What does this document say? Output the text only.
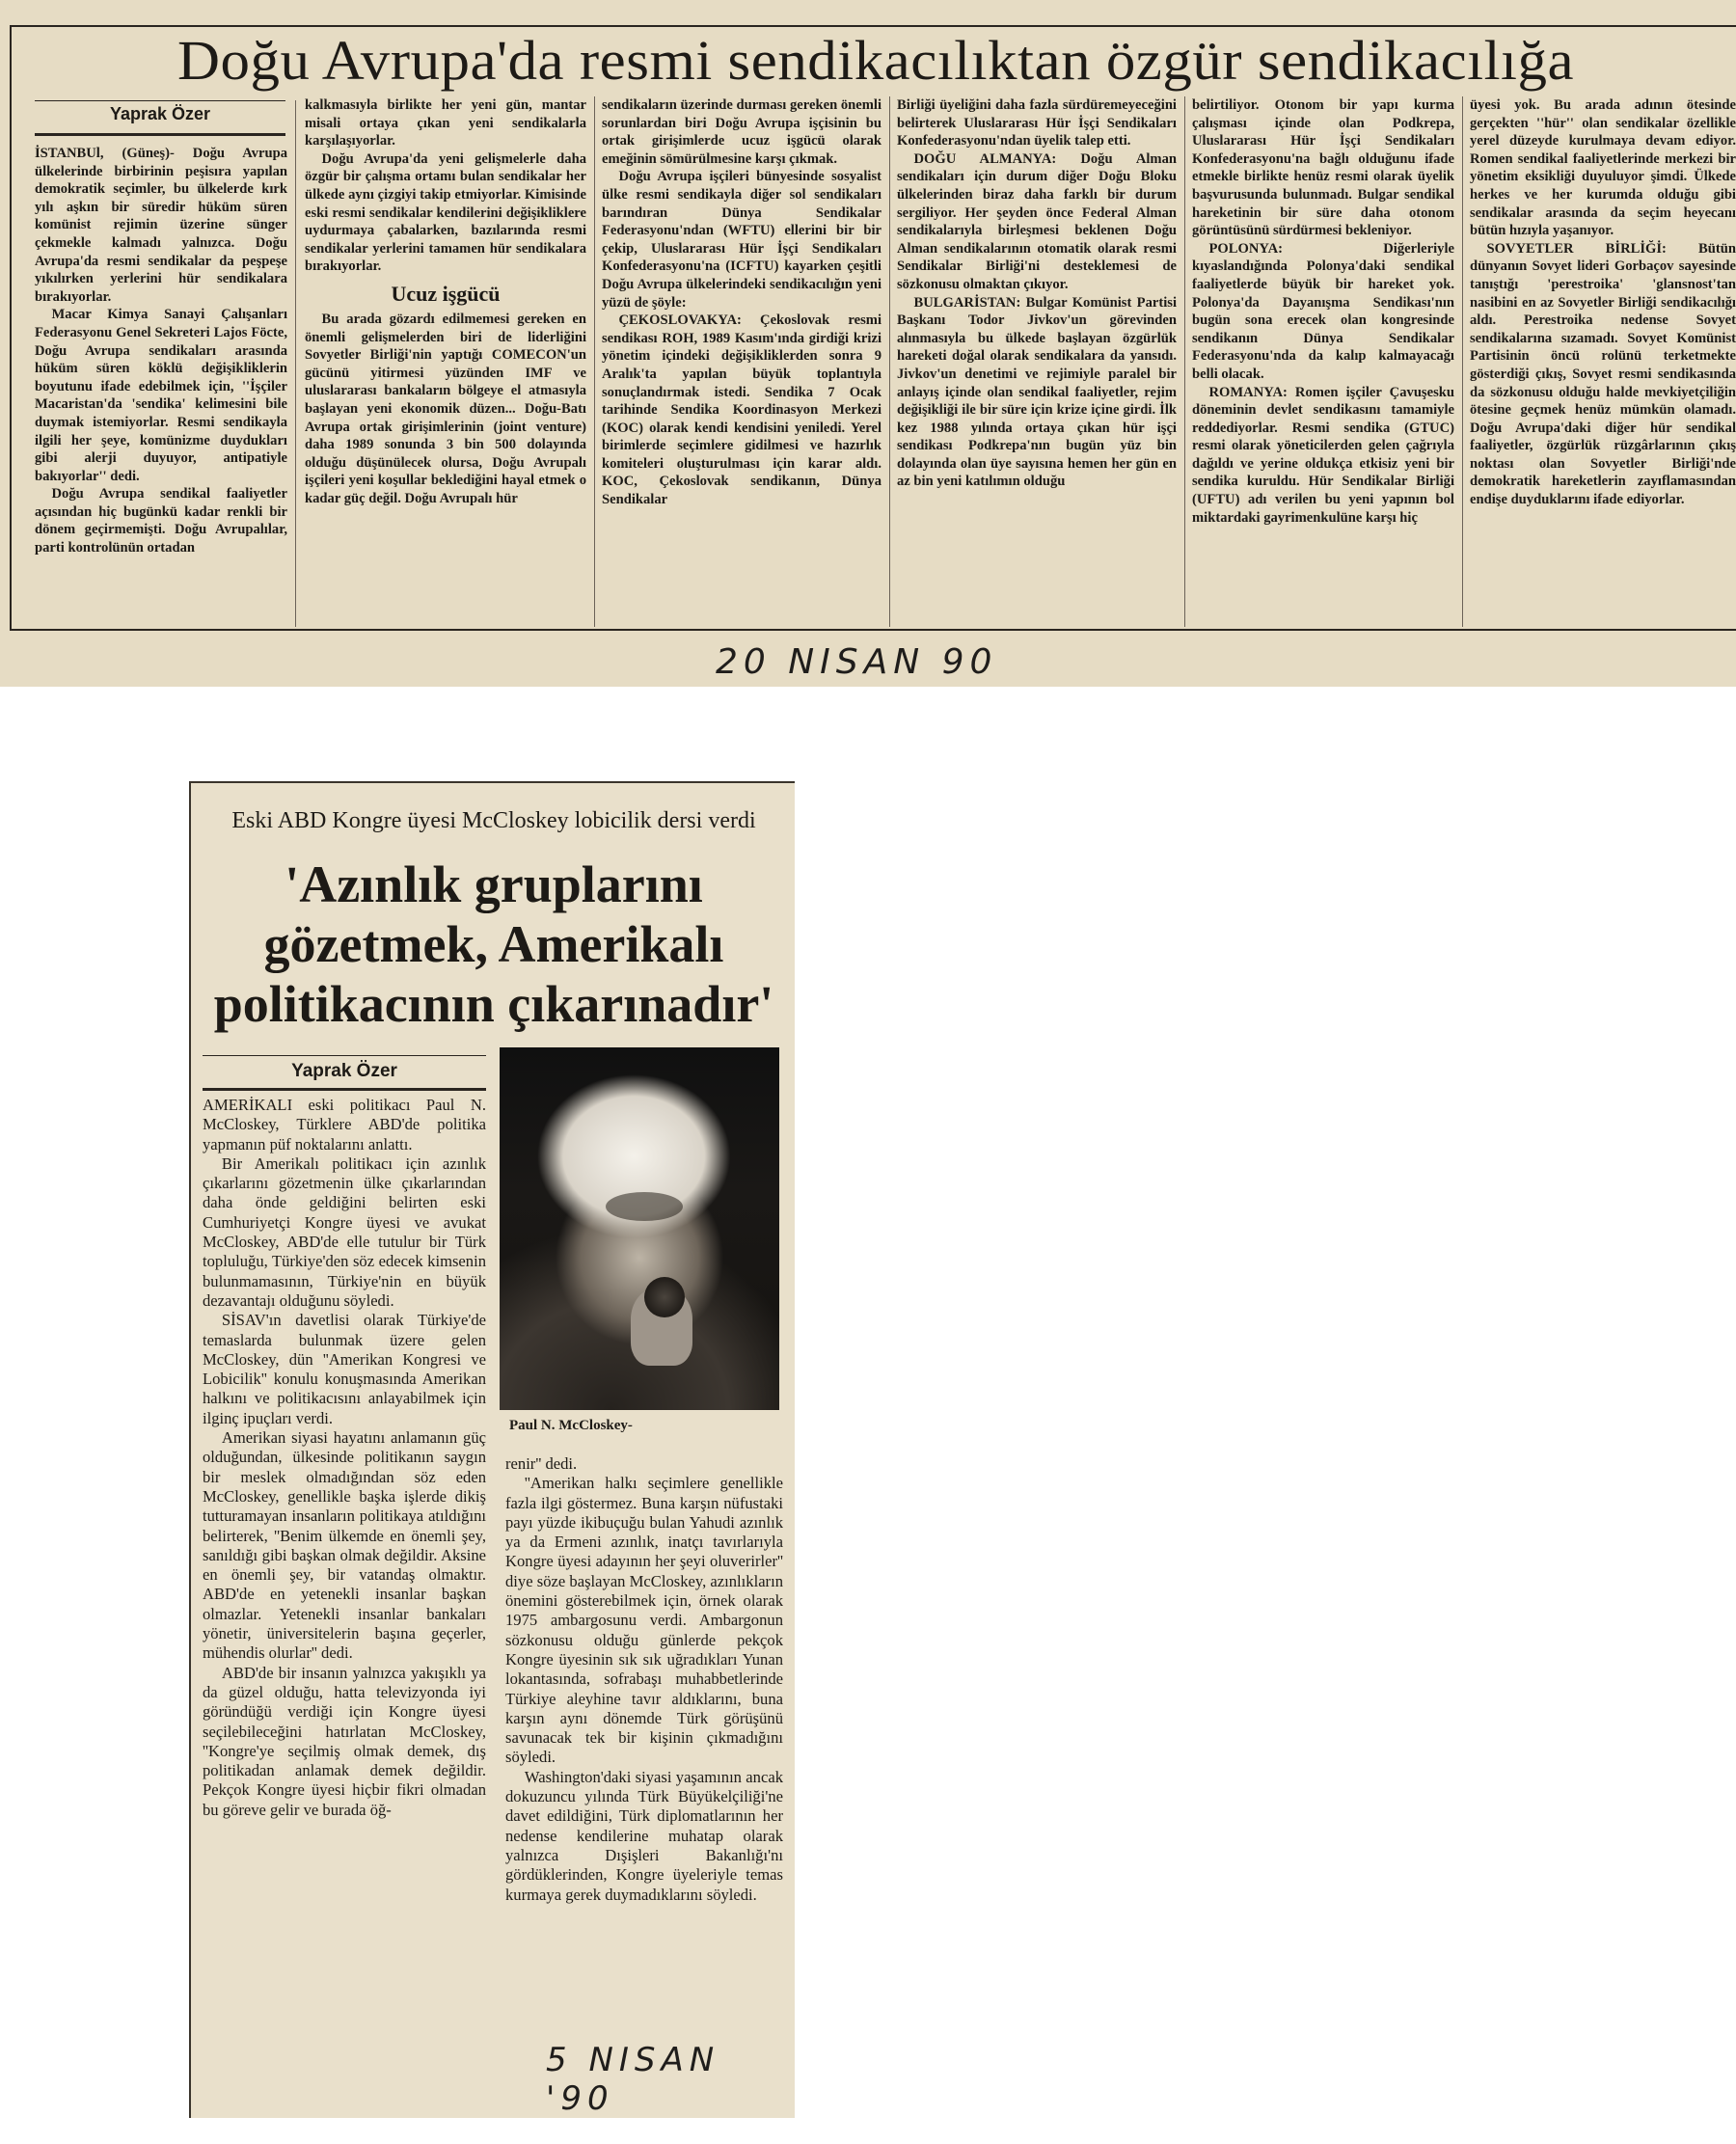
Doğu Avrupa'da resmi sendikacılıktan özgür sendikacılığa
Yaprak Özer

İSTANBUl, (Güneş)- Doğu Avrupa ülkelerinde birbirinin peşisıra yapılan demokratik seçimler, bu ülkelerde kırk yılı aşkın bir süredir hüküm süren komünist rejimin üzerine sünger çekmekle kalmadı yalnızca. Doğu Avrupa'da resmi sendikalar da peşpeşe yıkılırken yerlerini hür sendikalara bırakıyorlar.

Macar Kimya Sanayi Çalışanları Federasyonu Genel Sekreteri Lajos Föcte, Doğu Avrupa sendikaları arasında hüküm süren köklü değişikliklerin boyutunu ifade edebilmek için, ''İşçiler Macaristan'da 'sendika' kelimesini bile duymak istemiyorlar. Resmi sendikayla ilgili her şeye, komünizme duydukları gibi alerji duyuyor, antipatiyle bakıyorlar'' dedi.

Doğu Avrupa sendikal faaliyetler açısından hiç bugünkü kadar renkli bir dönem geçirmemişti. Doğu Avrupalılar, parti kontrolünün ortadan

kalkmasıyla birlikte her yeni gün, mantar misali ortaya çıkan yeni sendikalarla karşılaşıyorlar.

Doğu Avrupa'da yeni gelişmelerle daha özgür bir çalışma ortamı bulan sendikalar her ülkede aynı çizgiyi takip etmiyorlar. Kimisinde eski resmi sendikalar kendilerini değişikliklere uydurmaya çabalarken, bazılarında resmi sendikalar yerlerini tamamen hür sendikalara bırakıyorlar.

Ucuz işgücü

Bu arada gözardı edilmemesi gereken en önemli gelişmelerden biri de liderliğini Sovyetler Birliği'nin yaptığı COMECON'un gücünü yitirmesi yüzünden IMF ve uluslararası bankaların bölgeye el atmasıyla başlayan yeni ekonomik düzen... Doğu-Batı Avrupa ortak girişimlerinin (joint venture) daha 1989 sonunda 3 bin 500 dolayında olduğu düşünülecek olursa, Doğu Avrupalı işçileri yeni koşullar beklediğini hayal etmek o kadar güç değil. Doğu Avrupalı hür

sendikaların üzerinde durması gereken önemli sorunlardan biri Doğu Avrupa işçisinin bu ortak girişimlerde ucuz işgücü olarak emeğinin sömürülmesine karşı çıkmak.

Doğu Avrupa işçileri bünyesinde sosyalist ülke resmi sendikayla diğer sol sendikaları barındıran Dünya Sendikalar Federasyonu'ndan (WFTU) ellerini bir bir çekip, Uluslararası Hür İşçi Sendikaları Konfederasyonu'na (ICFTU) kayarken çeşitli Doğu Avrupa ülkelerindeki sendikacılığın yeni yüzü de şöyle:

ÇEKOSLOVAKYA: Çekoslovak resmi sendikası ROH, 1989 Kasım'ında girdiği krizi yönetim içindeki değişikliklerden sonra 9 Aralık'ta yapılan büyük toplantıyla sonuçlandırmak istedi. Sendika 7 Ocak tarihinde Sendika Koordinasyon Merkezi (KOC) olarak kendi kendisini yeniledi. Yerel birimlerde seçimlere gidilmesi ve hazırlık komiteleri oluşturulması için karar aldı. KOC, Çekoslovak sendikanın, Dünya Sendikalar

Birliği üyeliğini daha fazla sürdüremeyeceğini belirterek Uluslararası Hür İşçi Sendikaları Konfederasyonu'ndan üyelik talep etti.

DOĞU ALMANYA: Doğu Alman sendikaları için durum diğer Doğu Bloku ülkelerinden biraz daha farklı bir durum sergiliyor. Her şeyden önce Federal Alman sendikalarıyla birleşmesi beklenen Doğu Alman sendikalarının otomatik olarak resmi Sendikalar Birliği'ni desteklemesi de sözkonusu olmaktan çıkıyor.

BULGARİSTAN: Bulgar Komünist Partisi Başkanı Todor Jivkov'un görevinden alınmasıyla bu ülkede başlayan özgürlük hareketi doğal olarak sendikalara da yansıdı. Jivkov'un denetimi ve rejimiyle paralel bir anlayış içinde olan sendikal faaliyetler, rejim değişikliği ile bir süre için krize içine girdi. İlk kez 1988 yılında ortaya çıkan hür işçi sendikası Podkrepa'nın bugün yüz bin dolayında olan üye sayısına hemen her gün en az bin yeni katılımın olduğu

belirtiliyor. Otonom bir yapı kurma çalışması içinde olan Podkrepa, Uluslararası Hür İşçi Sendikaları Konfederasyonu'na bağlı olduğunu ifade etmekle birlikte henüz resmi olarak üyelik başvurusunda bulunmadı. Bulgar sendikal hareketinin bir süre daha otonom görüntüsünü sürdürmesi bekleniyor.

POLONYA: Diğerleriyle kıyaslandığında Polonya'daki sendikal faaliyetlerde büyük bir hareket yok. Polonya'da Dayanışma Sendikası'nın bugün sona erecek olan kongresinde sendikanın Dünya Sendikalar Federasyonu'nda da kalıp kalmayacağı belli olacak.

ROMANYA: Romen işçiler Çavuşesku döneminin devlet sendikasını tamamiyle reddediyorlar. Resmi sendika (GTUC) resmi olarak yöneticilerden gelen çağrıyla dağıldı ve yerine oldukça etkisiz yeni bir sendika kuruldu. Hür Sendikalar Birliği (UFTU) adı verilen bu yeni yapının bol miktardaki gayrimenkulüne karşı hiç

üyesi yok. Bu arada adının ötesinde gerçekten ''hür'' olan sendikalar özellikle yerel düzeyde kurulmaya devam ediyor. Romen sendikal faaliyetlerinde merkezi bir yönetim eksikliği duyuluyor şimdi. Ülkede herkes ve her kurumda olduğu gibi sendikalar arasında da seçim heyecanı bütün hızıyla yaşanıyor.

SOVYETLER BİRLİĞİ: Bütün dünyanın Sovyet lideri Gorbaçov sayesinde tanıştığı 'perestroika' 'glansnost'tan nasibini en az Sovyetler Birliği sendikacılığı aldı. Perestroika nedense Sovyet sendikalarına sızamadı. Sovyet Komünist Partisinin öncü rolünü terketmekte gösterdiği çıkış, Sovyet resmi sendikasında da sözkonusu olduğu halde mevkiyetçiliğin ötesine geçmek henüz mümkün olamadı. Doğu Avrupa'daki diğer hür sendikal faaliyetler, özgürlük rüzgârlarının çıkış noktası olan Sovyetler Birliği'nde demokratik hareketlerin zayıflamasından endişe duyduklarını ifade ediyorlar.

20 NISAN 90
Eski ABD Kongre üyesi McCloskey lobicilik dersi verdi
'Azınlık gruplarını
gözetmek, Amerikalı
politikacının çıkarınadır'
Yaprak Özer

AMERİKALI eski politikacı Paul N. McCloskey, Türklere ABD'de politika yapmanın püf noktalarını anlattı.

Bir Amerikalı politikacı için azınlık çıkarlarını gözetmenin ülke çıkarlarından daha önde geldiğini belirten eski Cumhuriyetçi Kongre üyesi ve avukat McCloskey, ABD'de elle tutulur bir Türk topluluğu, Türkiye'den söz edecek kimsenin bulunmamasının, Türkiye'nin en büyük dezavantajı olduğunu söyledi.

SİSAV'ın davetlisi olarak Türkiye'de temaslarda bulunmak üzere gelen McCloskey, dün ''Amerikan Kongresi ve Lobicilik'' konulu konuşmasında Amerikan halkını ve politikacısını anlayabilmek için ilginç ipuçları verdi.

Amerikan siyasi hayatını anlamanın güç olduğundan, ülkesinde politikanın saygın bir meslek olmadığından söz eden McCloskey, genellikle başka işlerde dikiş tutturamayan insanların politikaya atıldığını belirterek, ''Benim ülkemde en önemli şey, sanıldığı gibi başkan olmak değildir. Aksine en önemli şey, bir vatandaş olmaktır. ABD'de en yetenekli insanlar başkan olmazlar. Yetenekli insanlar bankaları yönetir, üniversitelerin başına geçerler, mühendis olurlar'' dedi.

ABD'de bir insanın yalnızca yakışıklı ya da güzel olduğu, hatta televizyonda iyi göründüğü verdiği için Kongre üyesi seçilebileceğini hatırlatan McCloskey, ''Kongre'ye seçilmiş olmak demek, dış politikadan anlamak demek değildir. Pekçok Kongre üyesi hiçbir fikri olmadan bu göreve gelir ve burada öğ-

Paul N. McCloskey-

renir'' dedi.

''Amerikan halkı seçimlere genellikle fazla ilgi göstermez. Buna karşın nüfustaki payı yüzde ikibuçuğu bulan Yahudi azınlık ya da Ermeni azınlık, inatçı tavırlarıyla Kongre üyesi adayının her şeyi oluverirler'' diye söze başlayan McCloskey, azınlıkların önemini gösterebilmek için, örnek olarak 1975 ambargosunu verdi. Ambargonun sözkonusu olduğu günlerde pekçok Kongre üyesinin sık sık uğradıkları Yunan lokantasında, sofrabaşı muhabbetlerinde Türkiye aleyhine tavır aldıklarını, buna karşın aynı dönemde Türk görüşünü savunacak tek bir kişinin çıkmadığını söyledi.

Washington'daki siyasi yaşamının ancak dokuzuncu yılında Türk Büyükelçiliği'ne davet edildiğini, Türk diplomatlarının her nedense kendilerine muhatap olarak yalnızca Dışişleri Bakanlığı'nı gördüklerinden, Kongre üyeleriyle temas kurmaya gerek duymadıklarını söyledi.

5 NISAN '90
